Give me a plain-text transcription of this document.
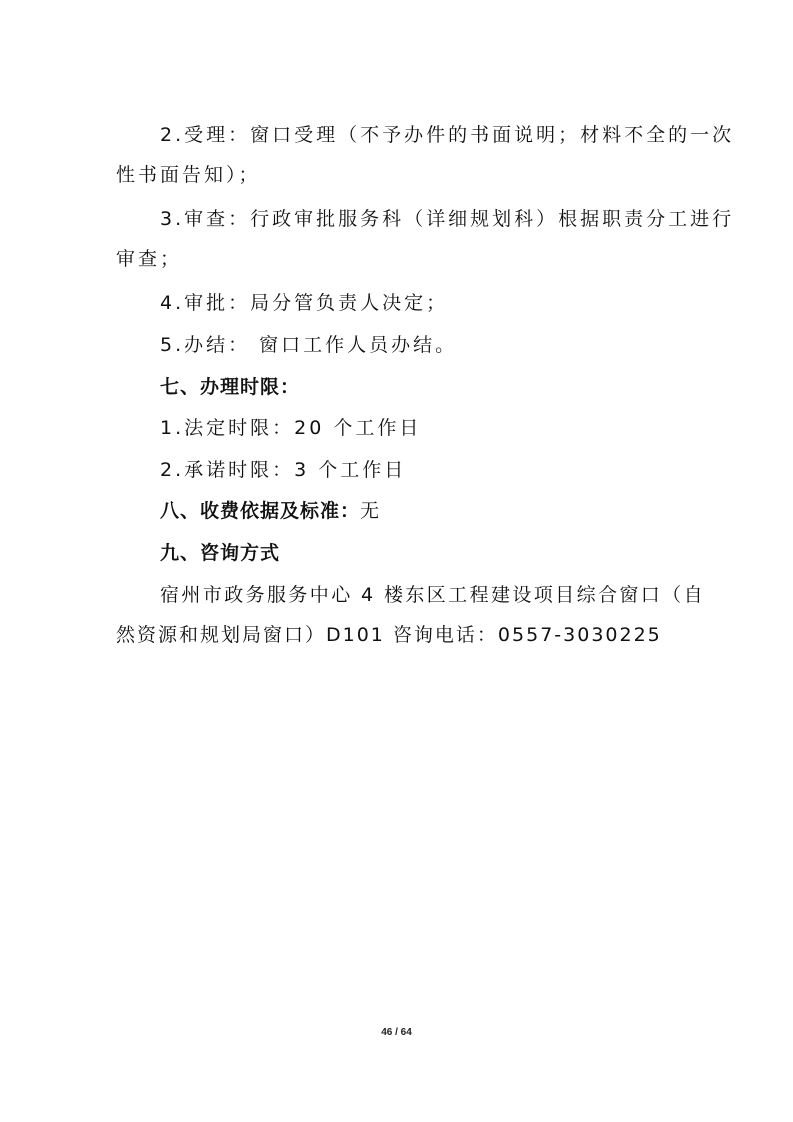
2.受理：窗口受理（不予办件的书面说明；材料不全的一次
性书面告知）；
3.审查：行政审批服务科（详细规划科）根据职责分工进行
审查；
4.审批：局分管负责人决定；
5.办结： 窗口工作人员办结。
七、办理时限：
1.法定时限：20 个工作日
2.承诺时限：3 个工作日
八、收费依据及标准：无
九、咨询方式
宿州市政务服务中心 4 楼东区工程建设项目综合窗口（自
然资源和规划局窗口）D101 咨询电话：0557-3030225
46 / 64
